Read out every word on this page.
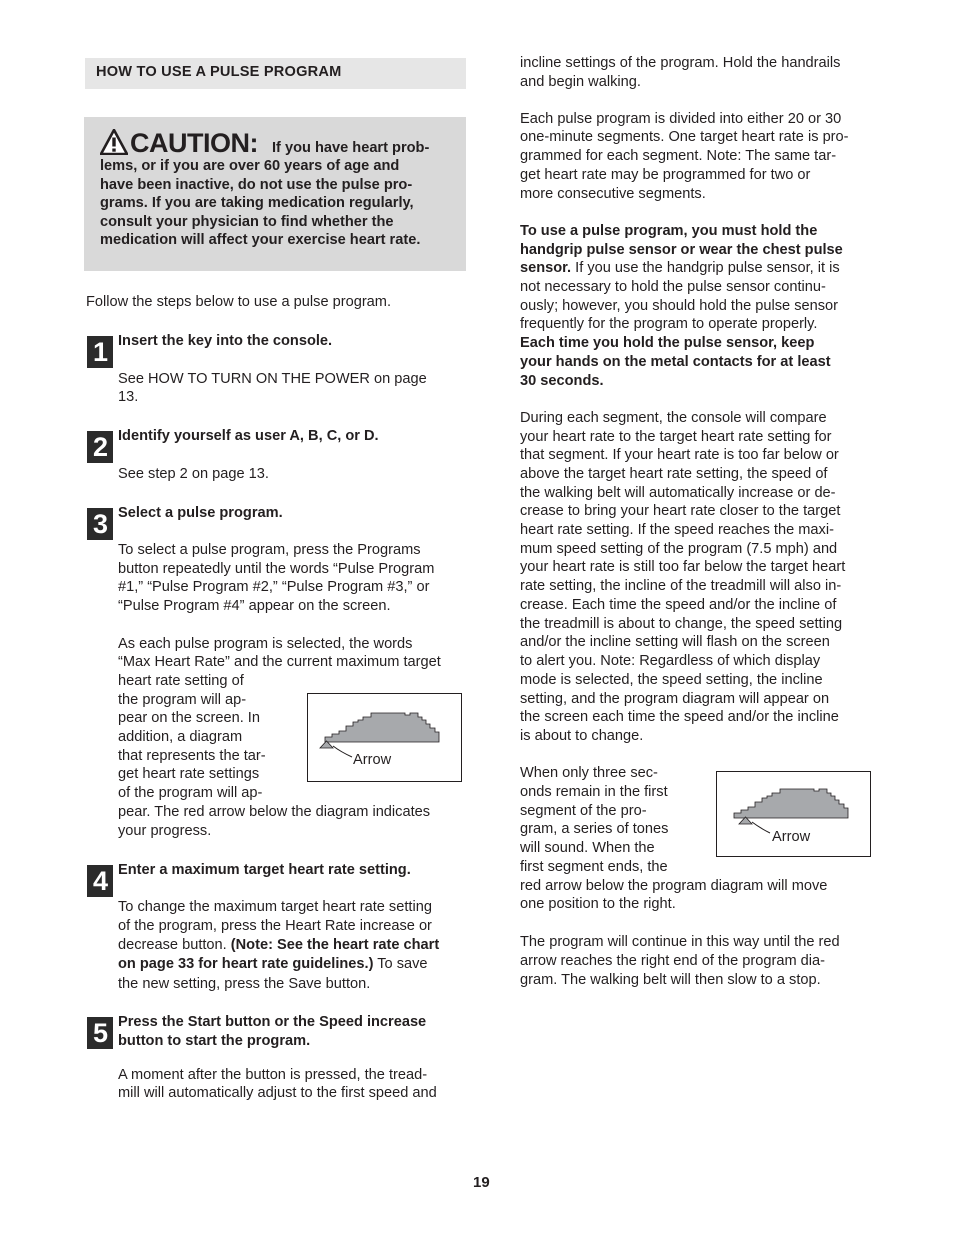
HOW TO USE A PULSE PROGRAM
CAUTION: If you have heart prob-
lems, or if you are over 60 years of age and
have been inactive, do not use the pulse pro-
grams. If you are taking medication regularly,
consult your physician to find whether the
medication will affect your exercise heart rate.
Follow the steps below to use a pulse program.
1 Insert the key into the console.
See HOW TO TURN ON THE POWER on page
13.
2 Identify yourself as user A, B, C, or D.
See step 2 on page 13.
3 Select a pulse program.
To select a pulse program, press the Programs
button repeatedly until the words “Pulse Program
#1,” “Pulse Program #2,” “Pulse Program #3,” or
“Pulse Program #4” appear on the screen.
As each pulse program is selected, the words
“Max Heart Rate” and the current maximum target
heart rate setting of
the program will ap-
pear on the screen. In
addition, a diagram
that represents the tar-
get heart rate settings
of the program will ap-
pear. The red arrow below the diagram indicates
your progress.
Arrow
4 Enter a maximum target heart rate setting.
To change the maximum target heart rate setting
of the program, press the Heart Rate increase or
decrease button. (Note: See the heart rate chart
on page 33 for heart rate guidelines.) To save
the new setting, press the Save button.
5 Press the Start button or the Speed increase
button to start the program.
A moment after the button is pressed, the tread-
mill will automatically adjust to the first speed and
incline settings of the program. Hold the handrails
and begin walking.
Each pulse program is divided into either 20 or 30
one-minute segments. One target heart rate is pro-
grammed for each segment. Note: The same tar-
get heart rate may be programmed for two or
more consecutive segments.
To use a pulse program, you must hold the
handgrip pulse sensor or wear the chest pulse
sensor. If you use the handgrip pulse sensor, it is
not necessary to hold the pulse sensor continu-
ously; however, you should hold the pulse sensor
frequently for the program to operate properly.
Each time you hold the pulse sensor, keep
your hands on the metal contacts for at least
30 seconds.
During each segment, the console will compare
your heart rate to the target heart rate setting for
that segment. If your heart rate is too far below or
above the target heart rate setting, the speed of
the walking belt will automatically increase or de-
crease to bring your heart rate closer to the target
heart rate setting. If the speed reaches the maxi-
mum speed setting of the program (7.5 mph) and
your heart rate is still too far below the target heart
rate setting, the incline of the treadmill will also in-
crease. Each time the speed and/or the incline of
the treadmill is about to change, the speed setting
and/or the incline setting will flash on the screen
to alert you. Note: Regardless of which display
mode is selected, the speed setting, the incline
setting, and the program diagram will appear on
the screen each time the speed and/or the incline
is about to change.
When only three sec-
onds remain in the first
segment of the pro-
gram, a series of tones
will sound. When the
first segment ends, the
red arrow below the program diagram will move
one position to the right.
Arrow
The program will continue in this way until the red
arrow reaches the right end of the program dia-
gram. The walking belt will then slow to a stop.
19
